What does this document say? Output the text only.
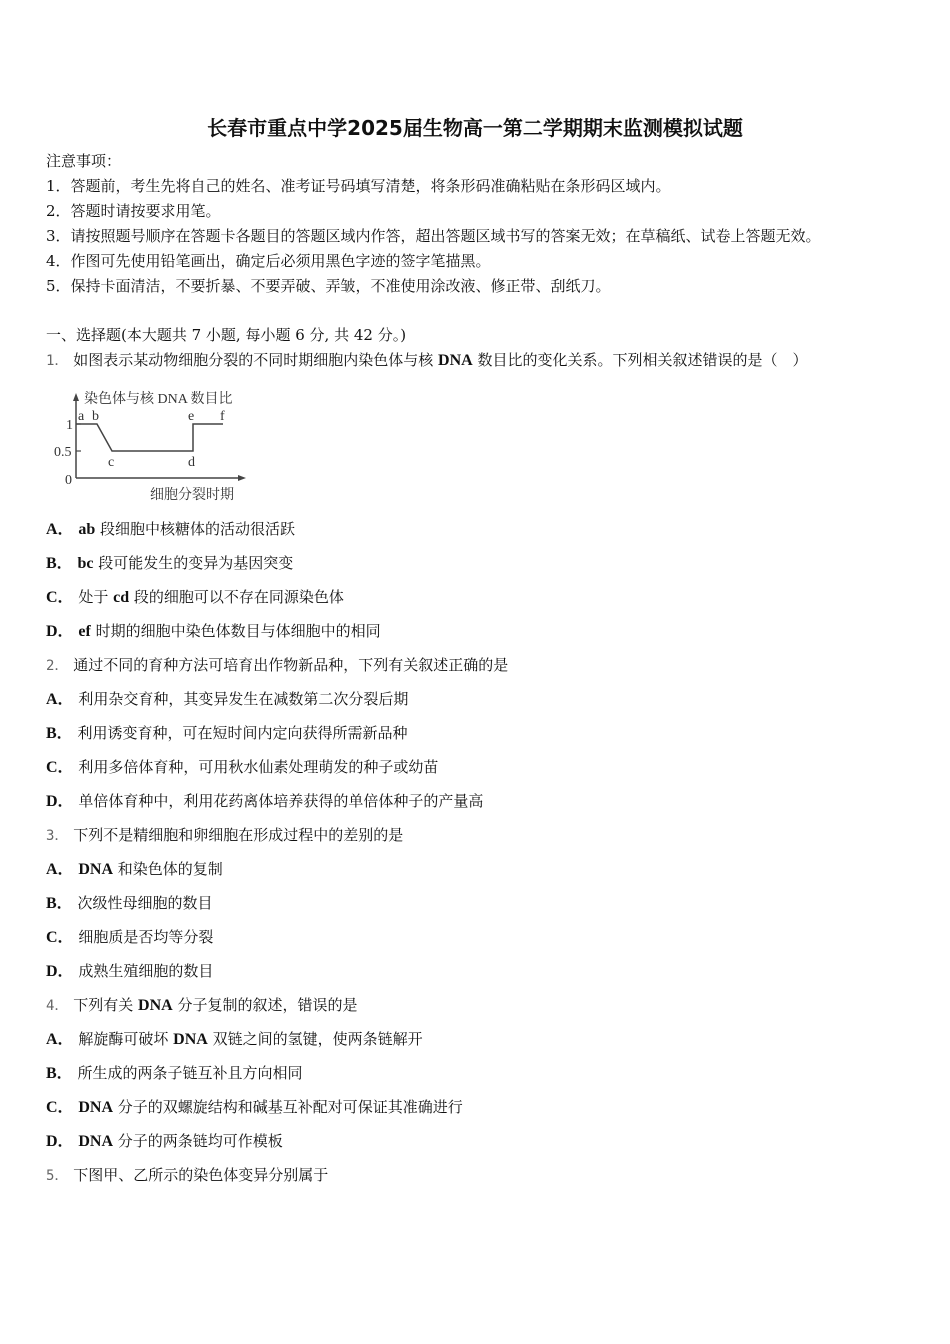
长春市重点中学2025届生物高一第二学期期末监测模拟试题
注意事项：
1．答题前，考生先将自己的姓名、准考证号码填写清楚，将条形码准确粘贴在条形码区域内。
2．答题时请按要求用笔。
3．请按照题号顺序在答题卡各题目的答题区域内作答，超出答题区域书写的答案无效；在草稿纸、试卷上答题无效。
4．作图可先使用铅笔画出，确定后必须用黑色字迹的签字笔描黑。
5．保持卡面清洁，不要折暴、不要弄破、弄皱，不准使用涂改液、修正带、刮纸刀。
一、选择题(本大题共 7 小题, 每小题 6 分, 共 42 分。)
1． 如图表示某动物细胞分裂的不同时期细胞内染色体与核 DNA 数目比的变化关系。下列相关叙述错误的是（　）
1
0.5
0
a b
c	d
e f
染色体与核 DNA 数目比
细胞分裂时期
A． ab 段细胞中核糖体的活动很活跃
B． bc 段可能发生的变异为基因突变
C． 处于 cd 段的细胞可以不存在同源染色体
D． ef 时期的细胞中染色体数目与体细胞中的相同
2． 通过不同的育种方法可培育出作物新品种，下列有关叙述正确的是
A． 利用杂交育种，其变异发生在减数第二次分裂后期
B． 利用诱变育种，可在短时间内定向获得所需新品种
C． 利用多倍体育种，可用秋水仙素处理萌发的种子或幼苗
D． 单倍体育种中，利用花药离体培养获得的单倍体种子的产量高
3． 下列不是精细胞和卵细胞在形成过程中的差别的是
A． DNA 和染色体的复制
B． 次级性母细胞的数目
C． 细胞质是否均等分裂
D． 成熟生殖细胞的数目
4． 下列有关 DNA 分子复制的叙述，错误的是
A． 解旋酶可破坏 DNA 双链之间的氢键，使两条链解开
B． 所生成的两条子链互补且方向相同
C． DNA 分子的双螺旋结构和碱基互补配对可保证其准确进行
D． DNA 分子的两条链均可作模板
5． 下图甲、乙所示的染色体变异分别属于
